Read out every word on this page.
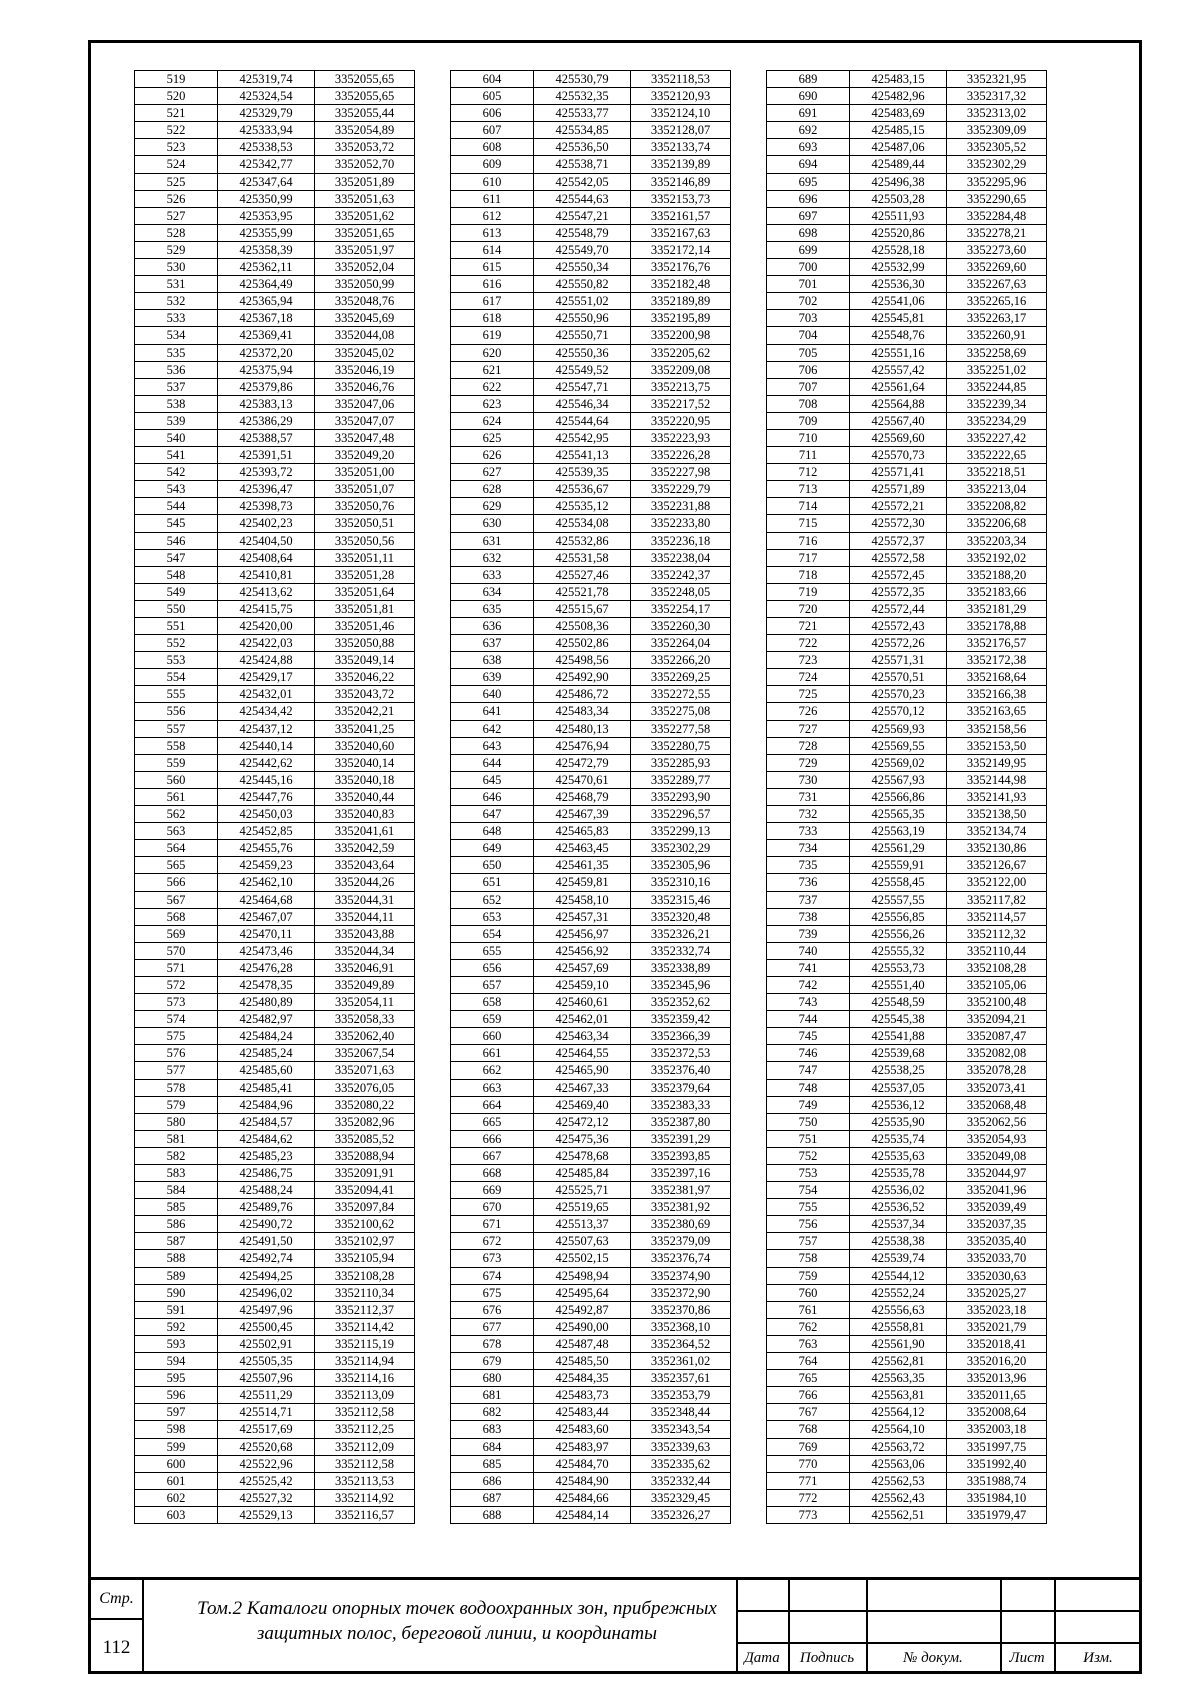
519	425319,74	3352055,65
520	425324,54	3352055,65
521	425329,79	3352055,44
522	425333,94	3352054,89
523	425338,53	3352053,72
524	425342,77	3352052,70
525	425347,64	3352051,89
526	425350,99	3352051,63
527	425353,95	3352051,62
528	425355,99	3352051,65
529	425358,39	3352051,97
530	425362,11	3352052,04
531	425364,49	3352050,99
532	425365,94	3352048,76
533	425367,18	3352045,69
534	425369,41	3352044,08
535	425372,20	3352045,02
536	425375,94	3352046,19
537	425379,86	3352046,76
538	425383,13	3352047,06
539	425386,29	3352047,07
540	425388,57	3352047,48
541	425391,51	3352049,20
542	425393,72	3352051,00
543	425396,47	3352051,07
544	425398,73	3352050,76
545	425402,23	3352050,51
546	425404,50	3352050,56
547	425408,64	3352051,11
548	425410,81	3352051,28
549	425413,62	3352051,64
550	425415,75	3352051,81
551	425420,00	3352051,46
552	425422,03	3352050,88
553	425424,88	3352049,14
554	425429,17	3352046,22
555	425432,01	3352043,72
556	425434,42	3352042,21
557	425437,12	3352041,25
558	425440,14	3352040,60
559	425442,62	3352040,14
560	425445,16	3352040,18
561	425447,76	3352040,44
562	425450,03	3352040,83
563	425452,85	3352041,61
564	425455,76	3352042,59
565	425459,23	3352043,64
566	425462,10	3352044,26
567	425464,68	3352044,31
568	425467,07	3352044,11
569	425470,11	3352043,88
570	425473,46	3352044,34
571	425476,28	3352046,91
572	425478,35	3352049,89
573	425480,89	3352054,11
574	425482,97	3352058,33
575	425484,24	3352062,40
576	425485,24	3352067,54
577	425485,60	3352071,63
578	425485,41	3352076,05
579	425484,96	3352080,22
580	425484,57	3352082,96
581	425484,62	3352085,52
582	425485,23	3352088,94
583	425486,75	3352091,91
584	425488,24	3352094,41
585	425489,76	3352097,84
586	425490,72	3352100,62
587	425491,50	3352102,97
588	425492,74	3352105,94
589	425494,25	3352108,28
590	425496,02	3352110,34
591	425497,96	3352112,37
592	425500,45	3352114,42
593	425502,91	3352115,19
594	425505,35	3352114,94
595	425507,96	3352114,16
596	425511,29	3352113,09
597	425514,71	3352112,58
598	425517,69	3352112,25
599	425520,68	3352112,09
600	425522,96	3352112,58
601	425525,42	3352113,53
602	425527,32	3352114,92
603	425529,13	3352116,57
604	425530,79	3352118,53
605	425532,35	3352120,93
606	425533,77	3352124,10
607	425534,85	3352128,07
608	425536,50	3352133,74
609	425538,71	3352139,89
610	425542,05	3352146,89
611	425544,63	3352153,73
612	425547,21	3352161,57
613	425548,79	3352167,63
614	425549,70	3352172,14
615	425550,34	3352176,76
616	425550,82	3352182,48
617	425551,02	3352189,89
618	425550,96	3352195,89
619	425550,71	3352200,98
620	425550,36	3352205,62
621	425549,52	3352209,08
622	425547,71	3352213,75
623	425546,34	3352217,52
624	425544,64	3352220,95
625	425542,95	3352223,93
626	425541,13	3352226,28
627	425539,35	3352227,98
628	425536,67	3352229,79
629	425535,12	3352231,88
630	425534,08	3352233,80
631	425532,86	3352236,18
632	425531,58	3352238,04
633	425527,46	3352242,37
634	425521,78	3352248,05
635	425515,67	3352254,17
636	425508,36	3352260,30
637	425502,86	3352264,04
638	425498,56	3352266,20
639	425492,90	3352269,25
640	425486,72	3352272,55
641	425483,34	3352275,08
642	425480,13	3352277,58
643	425476,94	3352280,75
644	425472,79	3352285,93
645	425470,61	3352289,77
646	425468,79	3352293,90
647	425467,39	3352296,57
648	425465,83	3352299,13
649	425463,45	3352302,29
650	425461,35	3352305,96
651	425459,81	3352310,16
652	425458,10	3352315,46
653	425457,31	3352320,48
654	425456,97	3352326,21
655	425456,92	3352332,74
656	425457,69	3352338,89
657	425459,10	3352345,96
658	425460,61	3352352,62
659	425462,01	3352359,42
660	425463,34	3352366,39
661	425464,55	3352372,53
662	425465,90	3352376,40
663	425467,33	3352379,64
664	425469,40	3352383,33
665	425472,12	3352387,80
666	425475,36	3352391,29
667	425478,68	3352393,85
668	425485,84	3352397,16
669	425525,71	3352381,97
670	425519,65	3352381,92
671	425513,37	3352380,69
672	425507,63	3352379,09
673	425502,15	3352376,74
674	425498,94	3352374,90
675	425495,64	3352372,90
676	425492,87	3352370,86
677	425490,00	3352368,10
678	425487,48	3352364,52
679	425485,50	3352361,02
680	425484,35	3352357,61
681	425483,73	3352353,79
682	425483,44	3352348,44
683	425483,60	3352343,54
684	425483,97	3352339,63
685	425484,70	3352335,62
686	425484,90	3352332,44
687	425484,66	3352329,45
688	425484,14	3352326,27
689	425483,15	3352321,95
690	425482,96	3352317,32
691	425483,69	3352313,02
692	425485,15	3352309,09
693	425487,06	3352305,52
694	425489,44	3352302,29
695	425496,38	3352295,96
696	425503,28	3352290,65
697	425511,93	3352284,48
698	425520,86	3352278,21
699	425528,18	3352273,60
700	425532,99	3352269,60
701	425536,30	3352267,63
702	425541,06	3352265,16
703	425545,81	3352263,17
704	425548,76	3352260,91
705	425551,16	3352258,69
706	425557,42	3352251,02
707	425561,64	3352244,85
708	425564,88	3352239,34
709	425567,40	3352234,29
710	425569,60	3352227,42
711	425570,73	3352222,65
712	425571,41	3352218,51
713	425571,89	3352213,04
714	425572,21	3352208,82
715	425572,30	3352206,68
716	425572,37	3352203,34
717	425572,58	3352192,02
718	425572,45	3352188,20
719	425572,35	3352183,66
720	425572,44	3352181,29
721	425572,43	3352178,88
722	425572,26	3352176,57
723	425571,31	3352172,38
724	425570,51	3352168,64
725	425570,23	3352166,38
726	425570,12	3352163,65
727	425569,93	3352158,56
728	425569,55	3352153,50
729	425569,02	3352149,95
730	425567,93	3352144,98
731	425566,86	3352141,93
732	425565,35	3352138,50
733	425563,19	3352134,74
734	425561,29	3352130,86
735	425559,91	3352126,67
736	425558,45	3352122,00
737	425557,55	3352117,82
738	425556,85	3352114,57
739	425556,26	3352112,32
740	425555,32	3352110,44
741	425553,73	3352108,28
742	425551,40	3352105,06
743	425548,59	3352100,48
744	425545,38	3352094,21
745	425541,88	3352087,47
746	425539,68	3352082,08
747	425538,25	3352078,28
748	425537,05	3352073,41
749	425536,12	3352068,48
750	425535,90	3352062,56
751	425535,74	3352054,93
752	425535,63	3352049,08
753	425535,78	3352044,97
754	425536,02	3352041,96
755	425536,52	3352039,49
756	425537,34	3352037,35
757	425538,38	3352035,40
758	425539,74	3352033,70
759	425544,12	3352030,63
760	425552,24	3352025,27
761	425556,63	3352023,18
762	425558,81	3352021,79
763	425561,90	3352018,41
764	425562,81	3352016,20
765	425563,35	3352013,96
766	425563,81	3352011,65
767	425564,12	3352008,64
768	425564,10	3352003,18
769	425563,72	3351997,75
770	425563,06	3351992,40
771	425562,53	3351988,74
772	425562,43	3351984,10
773	425562,51	3351979,47
Стр.
112
Том.2 Каталоги опорных точек водоохранных зон, прибрежных
защитных полос, береговой линии, и координаты
Дата	Подпись	№ докум.	Лист	Изм.
